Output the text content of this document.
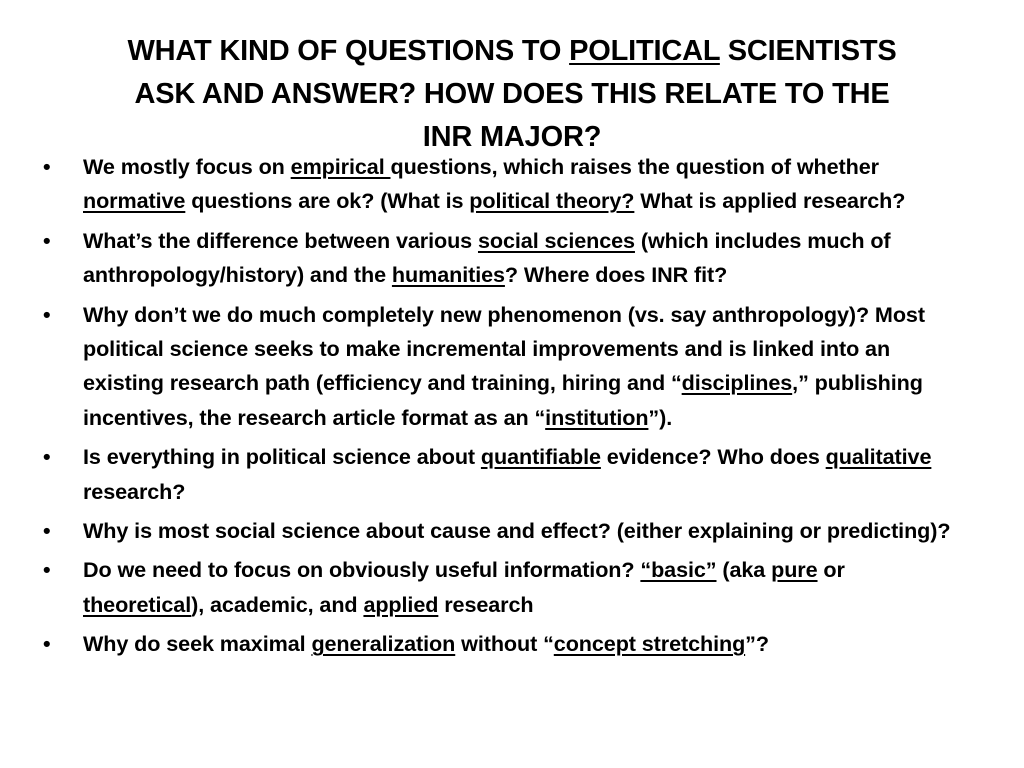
WHAT KIND OF QUESTIONS TO POLITICAL SCIENTISTS
ASK AND ANSWER? HOW DOES THIS RELATE TO THE
INR MAJOR?
•	We mostly focus on empirical questions, which raises the question of whether normative questions are ok? (What is political theory? What is applied research?
•	What’s the difference between various social sciences (which includes much of anthropology/history) and the humanities? Where does INR fit?
•	Why don’t we do much completely new phenomenon (vs. say anthropology)? Most political science seeks to make incremental improvements and is linked into an existing research path (efficiency and training, hiring and “disciplines,” publishing incentives, the research article format as an “institution”).
•	Is everything in political science about quantifiable evidence? Who does qualitative research?
•	Why is most social science about cause and effect? (either explaining or predicting)?
•	Do we need to focus on obviously useful information? “basic” (aka pure or theoretical), academic, and applied research
•	Why do seek maximal generalization without “concept stretching”?
